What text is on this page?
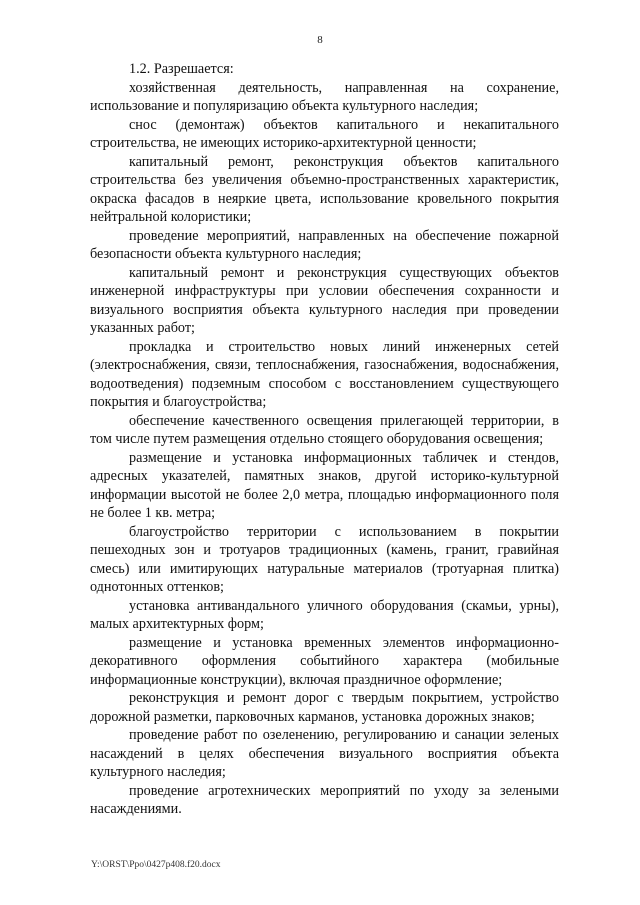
8

1.2. Разрешается:

хозяйственная деятельность, направленная на сохранение, использование и популяризацию объекта культурного наследия;

снос (демонтаж) объектов капитального и некапитального строительства, не имеющих историко-архитектурной ценности;

капитальный ремонт, реконструкция объектов капитального строительства без увеличения объемно-пространственных характеристик, окраска фасадов в неяркие цвета, использование кровельного покрытия нейтральной колористики;

проведение мероприятий, направленных на обеспечение пожарной безопасности объекта культурного наследия;

капитальный ремонт и реконструкция существующих объектов инженерной инфраструктуры при условии обеспечения сохранности и визуального восприятия объекта культурного наследия при проведении указанных работ;

прокладка и строительство новых линий инженерных сетей (электроснабжения, связи, теплоснабжения, газоснабжения, водоснабжения, водоотведения) подземным способом с восстановлением существующего покрытия и благоустройства;

обеспечение качественного освещения прилегающей территории, в том числе путем размещения отдельно стоящего оборудования освещения;

размещение и установка информационных табличек и стендов, адресных указателей, памятных знаков, другой историко-культурной информации высотой не более 2,0 метра, площадью информационного поля не более 1 кв. метра;

благоустройство территории с использованием в покрытии пешеходных зон и тротуаров традиционных (камень, гранит, гравийная смесь) или имитирующих натуральные материалов (тротуарная плитка) однотонных оттенков;

установка антивандального уличного оборудования (скамьи, урны), малых архитектурных форм;

размещение и установка временных элементов информационно-декоративного оформления событийного характера (мобильные информационные конструкции), включая праздничное оформление;

реконструкция и ремонт дорог с твердым покрытием, устройство дорожной разметки, парковочных карманов, установка дорожных знаков;

проведение работ по озеленению, регулированию и санации зеленых насаждений в целях обеспечения визуального восприятия объекта культурного наследия;

проведение агротехнических мероприятий по уходу за зелеными насаждениями.

Y:\ORST\Ppo\0427p408.f20.docx
